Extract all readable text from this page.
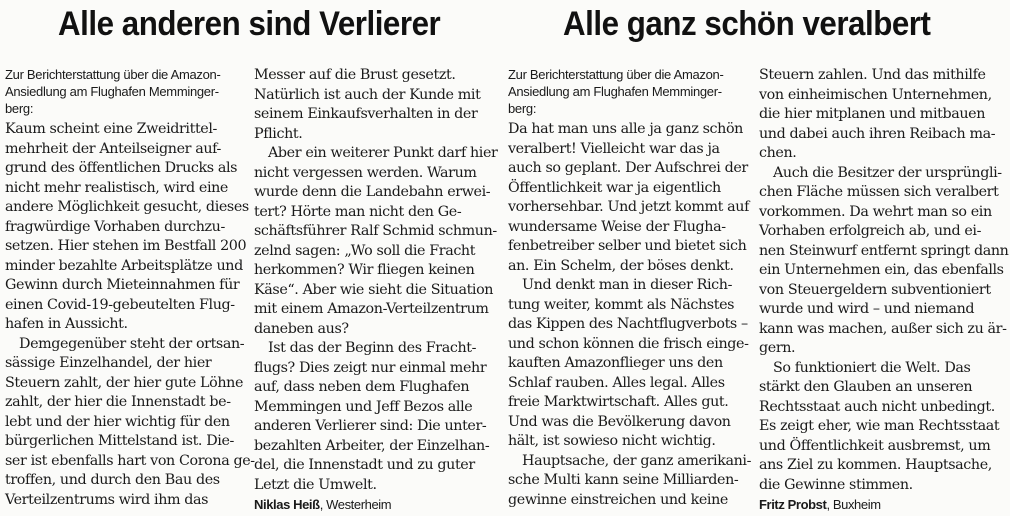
Alle anderen sind Verlierer
Zur Berichterstattung über die Amazon-
Ansiedlung am Flughafen Memminger-
berg:
Kaum scheint eine Zweidrittel-
mehrheit der Anteilseigner auf-
grund des öffentlichen Drucks als
nicht mehr realistisch, wird eine
andere Möglichkeit gesucht, dieses
fragwürdige Vorhaben durchzu-
setzen. Hier stehen im Bestfall 200
minder bezahlte Arbeitsplätze und
Gewinn durch Mieteinnahmen für
einen Covid-19-gebeutelten Flug-
hafen in Aussicht.
Demgegenüber steht der ortsan-
sässige Einzelhandel, der hier
Steuern zahlt, der hier gute Löhne
zahlt, der hier die Innenstadt be-
lebt und der hier wichtig für den
bürgerlichen Mittelstand ist. Die-
ser ist ebenfalls hart von Corona ge-
troffen, und durch den Bau des
Verteilzentrums wird ihm das
Messer auf die Brust gesetzt.
Natürlich ist auch der Kunde mit
seinem Einkaufsverhalten in der
Pflicht.
Aber ein weiterer Punkt darf hier
nicht vergessen werden. Warum
wurde denn die Landebahn erwei-
tert? Hörte man nicht den Ge-
schäftsführer Ralf Schmid schmun-
zelnd sagen: „Wo soll die Fracht
herkommen? Wir fliegen keinen
Käse“. Aber wie sieht die Situation
mit einem Amazon-Verteilzentrum
daneben aus?
Ist das der Beginn des Fracht-
flugs? Dies zeigt nur einmal mehr
auf, dass neben dem Flughafen
Memmingen und Jeff Bezos alle
anderen Verlierer sind: Die unter-
bezahlten Arbeiter, der Einzelhan-
del, die Innenstadt und zu guter
Letzt die Umwelt.
Niklas Heiß, Westerheim
Alle ganz schön veralbert
Zur Berichterstattung über die Amazon-
Ansiedlung am Flughafen Memminger-
berg:
Da hat man uns alle ja ganz schön
veralbert! Vielleicht war das ja
auch so geplant. Der Aufschrei der
Öffentlichkeit war ja eigentlich
vorhersehbar. Und jetzt kommt auf
wundersame Weise der Flugha-
fenbetreiber selber und bietet sich
an. Ein Schelm, der böses denkt.
Und denkt man in dieser Rich-
tung weiter, kommt als Nächstes
das Kippen des Nachtflugverbots –
und schon können die frisch einge-
kauften Amazonflieger uns den
Schlaf rauben. Alles legal. Alles
freie Marktwirtschaft. Alles gut.
Und was die Bevölkerung davon
hält, ist sowieso nicht wichtig.
Hauptsache, der ganz amerikani-
sche Multi kann seine Milliarden-
gewinne einstreichen und keine
Steuern zahlen. Und das mithilfe
von einheimischen Unternehmen,
die hier mitplanen und mitbauen
und dabei auch ihren Reibach ma-
chen.
Auch die Besitzer der ursprüngli-
chen Fläche müssen sich veralbert
vorkommen. Da wehrt man so ein
Vorhaben erfolgreich ab, und ei-
nen Steinwurf entfernt springt dann
ein Unternehmen ein, das ebenfalls
von Steuergeldern subventioniert
wurde und wird – und niemand
kann was machen, außer sich zu är-
gern.
So funktioniert die Welt. Das
stärkt den Glauben an unseren
Rechtsstaat auch nicht unbedingt.
Es zeigt eher, wie man Rechtsstaat
und Öffentlichkeit ausbremst, um
ans Ziel zu kommen. Hauptsache,
die Gewinne stimmen.
Fritz Probst, Buxheim
